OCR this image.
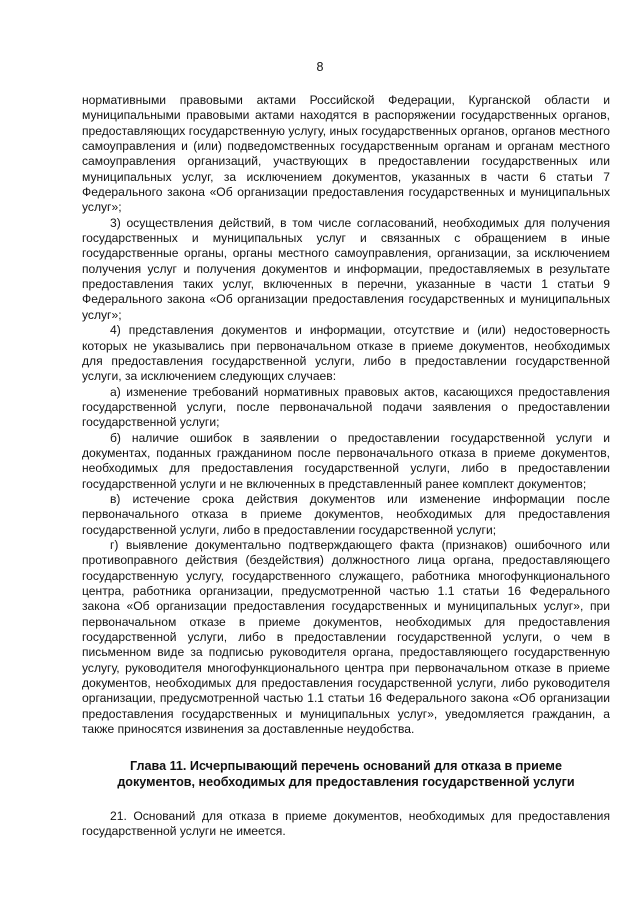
8

нормативными правовыми актами Российской Федерации, Курганской области и муниципальными правовыми актами находятся в распоряжении государственных органов, предоставляющих государственную услугу, иных государственных органов, органов местного самоуправления и (или) подведомственных государственным органам и органам местного самоуправления организаций, участвующих в предоставлении государственных или муниципальных услуг, за исключением документов, указанных в части 6 статьи 7 Федерального закона «Об организации предоставления государственных и муниципальных услуг»;

3) осуществления действий, в том числе согласований, необходимых для получения государственных и муниципальных услуг и связанных с обращением в иные государственные органы, органы местного самоуправления, организации, за исключением получения услуг и получения документов и информации, предоставляемых в результате предоставления таких услуг, включенных в перечни, указанные в части 1 статьи 9 Федерального закона «Об организации предоставления государственных и муниципальных услуг»;

4) представления документов и информации, отсутствие и (или) недостоверность которых не указывались при первоначальном отказе в приеме документов, необходимых для предоставления государственной услуги, либо в предоставлении государственной услуги, за исключением следующих случаев:

а) изменение требований нормативных правовых актов, касающихся предоставления государственной услуги, после первоначальной подачи заявления о предоставлении государственной услуги;

б) наличие ошибок в заявлении о предоставлении государственной услуги и документах, поданных гражданином после первоначального отказа в приеме документов, необходимых для предоставления государственной услуги, либо в предоставлении государственной услуги и не включенных в представленный ранее комплект документов;

в) истечение срока действия документов или изменение информации после первоначального отказа в приеме документов, необходимых для предоставления государственной услуги, либо в предоставлении государственной услуги;

г) выявление документально подтверждающего факта (признаков) ошибочного или противоправного действия (бездействия) должностного лица органа, предоставляющего государственную услугу, государственного служащего, работника многофункционального центра, работника организации, предусмотренной частью 1.1 статьи 16 Федерального закона «Об организации предоставления государственных и муниципальных услуг», при первоначальном отказе в приеме документов, необходимых для предоставления государственной услуги, либо в предоставлении государственной услуги, о чем в письменном виде за подписью руководителя органа, предоставляющего государственную услугу, руководителя многофункционального центра при первоначальном отказе в приеме документов, необходимых для предоставления государственной услуги, либо руководителя организации, предусмотренной частью 1.1 статьи 16 Федерального закона «Об организации предоставления государственных и муниципальных услуг», уведомляется гражданин, а также приносятся извинения за доставленные неудобства.

Глава 11. Исчерпывающий перечень оснований для отказа в приеме документов, необходимых для предоставления государственной услуги

21. Оснований для отказа в приеме документов, необходимых для предоставления государственной услуги не имеется.
